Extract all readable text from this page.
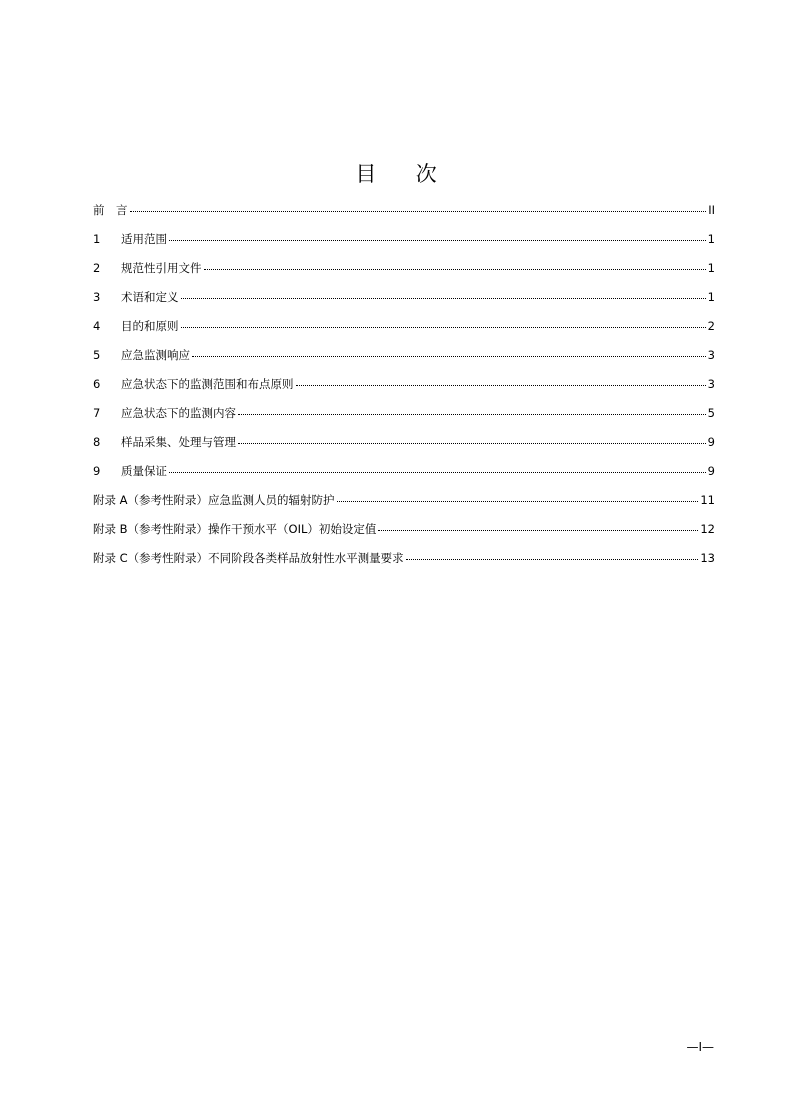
目 次
前　言	II
1	适用范围	1
2	规范性引用文件	1
3	术语和定义	1
4	目的和原则	2
5	应急监测响应	3
6	应急状态下的监测范围和布点原则	3
7	应急状态下的监测内容	5
8	样品采集、处理与管理	9
9	质量保证	9
附录 A（参考性附录）应急监测人员的辐射防护	11
附录 B（参考性附录）操作干预水平（OIL）初始设定值	12
附录 C（参考性附录）不同阶段各类样品放射性水平测量要求	13
—I—
